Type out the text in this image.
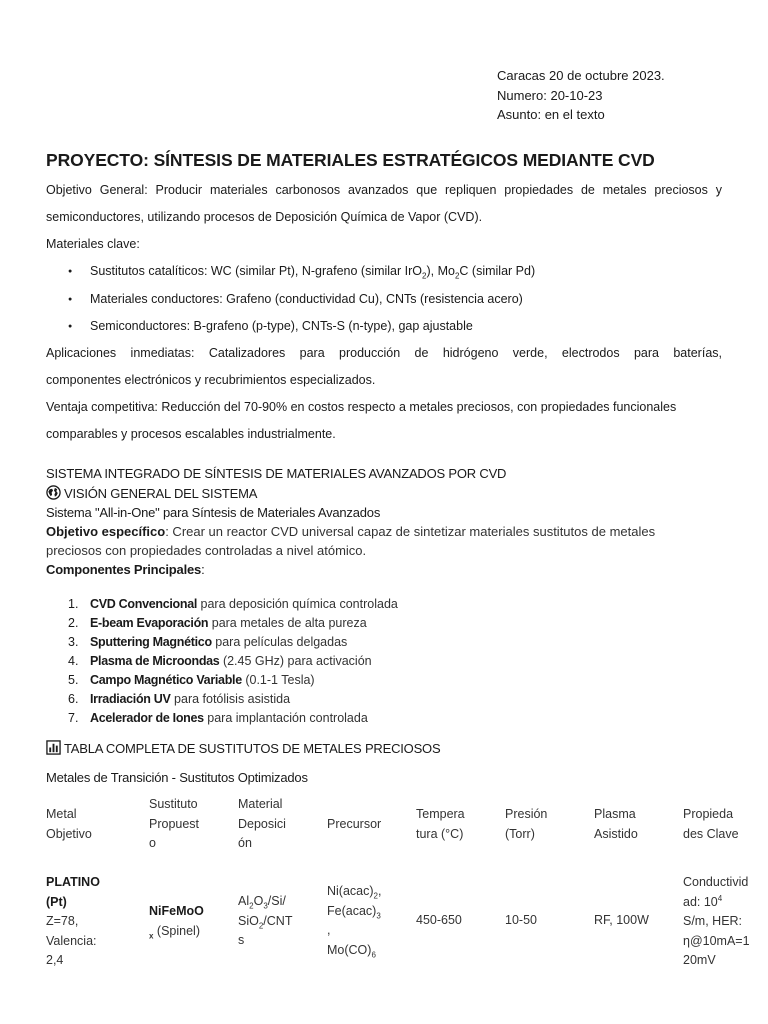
Caracas 20 de octubre 2023.
Numero: 20-10-23
Asunto: en el texto
PROYECTO: SÍNTESIS DE MATERIALES ESTRATÉGICOS MEDIANTE CVD

Objetivo General: Producir materiales carbonosos avanzados que repliquen propiedades de metales preciosos y

semiconductores, utilizando procesos de Deposición Química de Vapor (CVD).

Materiales clave:

● Sustitutos catalíticos: WC (similar Pt), N-grafeno (similar IrO$_2$), $Mo_2C$ (similar Pd)
● Materiales conductores: Grafeno (conductividad Cu), CNTs (resistencia acero)
● Semiconductores: B-grafeno (p-type), CNTs-S (n-type), gap ajustable

Aplicaciones inmediatas: Catalizadores para producción de hidrógeno verde, electrodos para baterías,

componentes electrónicos y recubrimientos especializados.

Ventaja competitiva: Reducción del 70-90% en costos respecto a metales preciosos, con propiedades funcionales

comparables y procesos escalables industrialmente.

SISTEMA INTEGRADO DE SÍNTESIS DE MATERIALES AVANZADOS POR CVD
VISIÓN GENERAL DEL SISTEMA
Sistema "All-in-One" para Síntesis de Materiales Avanzados
Objetivo específico: Crear un reactor CVD universal capaz de sintetizar materiales sustitutos de metales
preciosos con propiedades controladas a nivel atómico.
Componentes Principales:
1. CVD Convencional para deposición química controlada
2. E-beam Evaporación para metales de alta pureza
3. Sputtering Magnético para películas delgadas
4. Plasma de Microondas (2.45 GHz) para activación
5. Campo Magnético Variable (0.1-1 Tesla)
6. Irradiación UV para fotólisis asistida
7. Acelerador de Iones para implantación controlada
TABLA COMPLETA DE SUSTITUTOS DE METALES PRECIOSOS
Metales de Transición - Sustitutos Optimizados
Metal
Objetivo
Sustituto
Propuest
o
Material
Deposici
ón
Precursor
Tempera
tura (°C)
Presión
(Torr)
Plasma
Asistido
Propieda
des Clave
PLATINO
(Pt)
Z=78,
Valencia:
2,4
NiFeMoO
$_x$ (Spinel)
$Al_2O_3/Si/$
SiO$_2$/CNT
s
$Ni(acac)_2$,
$Fe(acac)_3$
,
$Mo(CO)_6$
450-650	10-50	RF, 100W
Conductivid
ad: $10^4$
S/m, HER:
η@10mA=1
20mV
